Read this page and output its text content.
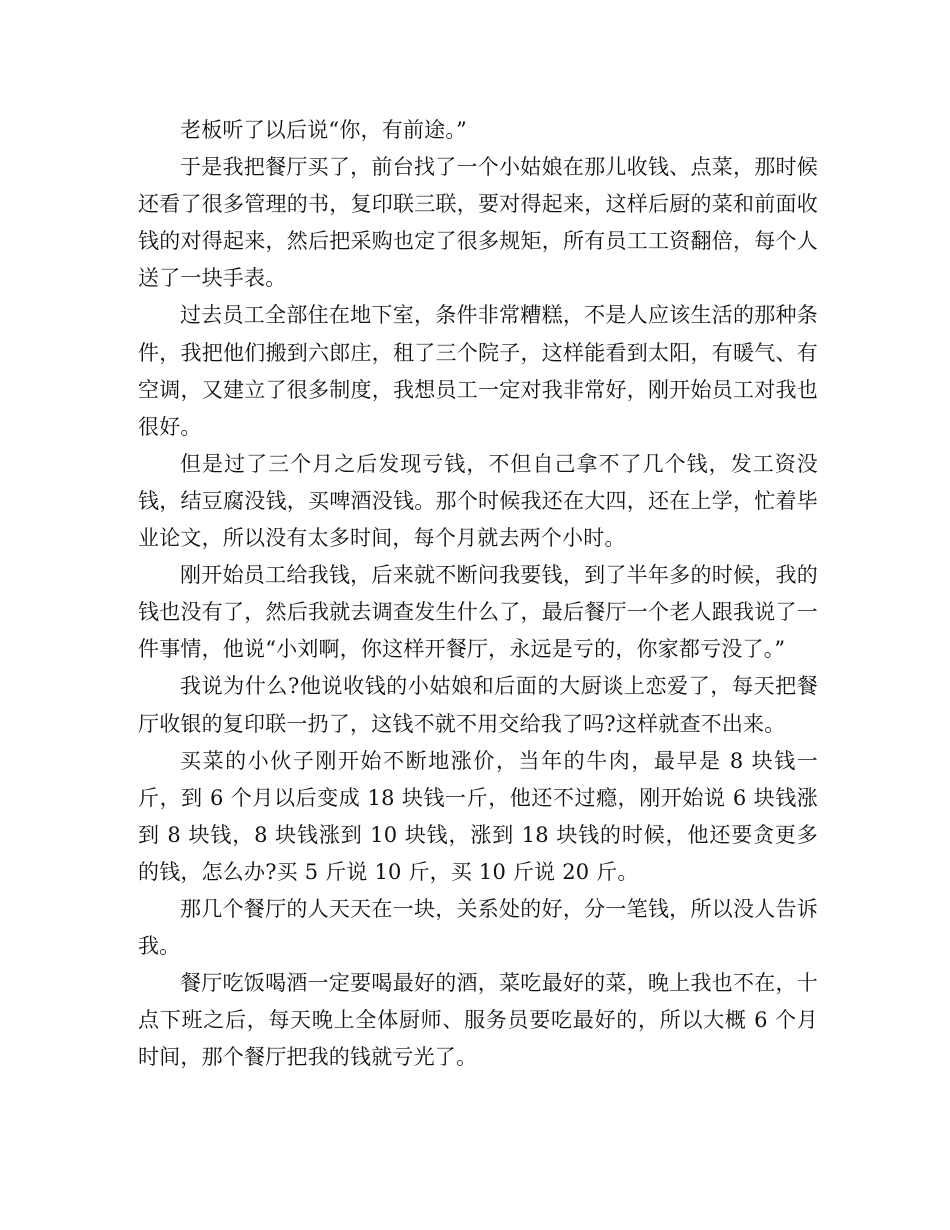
老板听了以后说“你，有前途。”

于是我把餐厅买了，前台找了一个小姑娘在那儿收钱、点菜，那时候还看了很多管理的书，复印联三联，要对得起来，这样后厨的菜和前面收钱的对得起来，然后把采购也定了很多规矩，所有员工工资翻倍，每个人送了一块手表。

过去员工全部住在地下室，条件非常糟糕，不是人应该生活的那种条件，我把他们搬到六郎庄，租了三个院子，这样能看到太阳，有暖气、有空调，又建立了很多制度，我想员工一定对我非常好，刚开始员工对我也很好。

但是过了三个月之后发现亏钱，不但自己拿不了几个钱，发工资没钱，结豆腐没钱，买啤酒没钱。那个时候我还在大四，还在上学，忙着毕业论文，所以没有太多时间，每个月就去两个小时。

刚开始员工给我钱，后来就不断问我要钱，到了半年多的时候，我的钱也没有了，然后我就去调查发生什么了，最后餐厅一个老人跟我说了一件事情，他说“小刘啊，你这样开餐厅，永远是亏的，你家都亏没了。”

我说为什么?他说收钱的小姑娘和后面的大厨谈上恋爱了，每天把餐厅收银的复印联一扔了，这钱不就不用交给我了吗?这样就查不出来。

买菜的小伙子刚开始不断地涨价，当年的牛肉，最早是 8 块钱一斤，到 6 个月以后变成 18 块钱一斤，他还不过瘾，刚开始说 6 块钱涨到 8 块钱，8 块钱涨到 10 块钱，涨到 18 块钱的时候，他还要贪更多的钱，怎么办?买 5 斤说 10 斤，买 10 斤说 20 斤。

那几个餐厅的人天天在一块，关系处的好，分一笔钱，所以没人告诉我。

餐厅吃饭喝酒一定要喝最好的酒，菜吃最好的菜，晚上我也不在，十点下班之后，每天晚上全体厨师、服务员要吃最好的，所以大概 6 个月时间，那个餐厅把我的钱就亏光了。
